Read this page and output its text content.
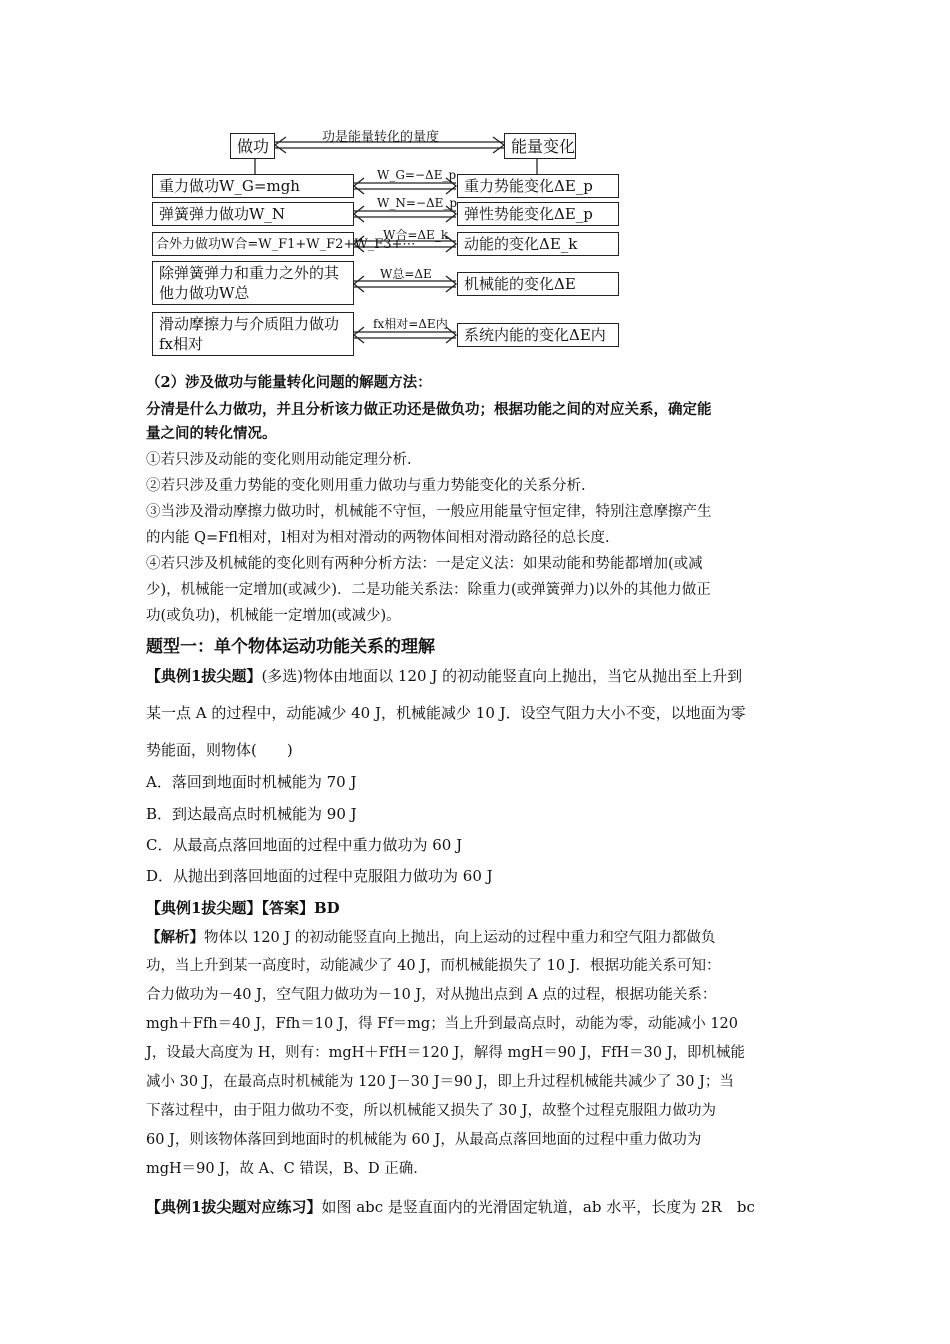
做功	能量变化
功是能量转化的量度
重力做功W_G=mgh
W_G=−ΔE_p
重力势能变化ΔE_p
弹簧弹力做功W_N
W_N=−ΔE_p
弹性势能变化ΔE_p
合外力做功W合=W_F1+W_F2+W_F3+⋯
W合=ΔE_k	动能的变化ΔE_k
除弹簧弹力和重力之外的其他力做功W总
W总=ΔE
机械能的变化ΔE
滑动摩擦力与介质阻力做功fx相对
fx相对=ΔE内
系统内能的变化ΔE内
（2）涉及做功与能量转化问题的解题方法：
分清是什么力做功，并且分析该力做正功还是做负功；根据功能之间的对应关系，确定能
量之间的转化情况。
①若只涉及动能的变化则用动能定理分析.
②若只涉及重力势能的变化则用重力做功与重力势能变化的关系分析.
③当涉及滑动摩擦力做功时，机械能不守恒，一般应用能量守恒定律，特别注意摩擦产生
的内能 Q=Ffl相对，l相对为相对滑动的两物体间相对滑动路径的总长度.
④若只涉及机械能的变化则有两种分析方法：一是定义法：如果动能和势能都增加(或减
少)，机械能一定增加(或减少)．二是功能关系法：除重力(或弹簧弹力)以外的其他力做正
功(或负功)，机械能一定增加(或减少)。
题型一：单个物体运动功能关系的理解
【典例1拔尖题】(多选)物体由地面以 120 J 的初动能竖直向上抛出，当它从抛出至上升到
某一点 A 的过程中，动能减少 40 J，机械能减少 10 J．设空气阻力大小不变，以地面为零
势能面，则物体(　　)
A．落回到地面时机械能为 70 J
B．到达最高点时机械能为 90 J
C．从最高点落回地面的过程中重力做功为 60 J
D．从抛出到落回地面的过程中克服阻力做功为 60 J
【典例1拔尖题】【答案】BD
【解析】物体以 120 J 的初动能竖直向上抛出，向上运动的过程中重力和空气阻力都做负
功，当上升到某一高度时，动能减少了 40 J，而机械能损失了 10 J．根据功能关系可知：
合力做功为－40 J，空气阻力做功为－10 J，对从抛出点到 A 点的过程，根据功能关系：
mgh＋Ffh＝40 J，Ffh＝10 J，得 Ff＝mg；当上升到最高点时，动能为零，动能减小 120
J，设最大高度为 H，则有：mgH＋FfH＝120 J，解得 mgH＝90 J，FfH＝30 J，即机械能
减小 30 J，在最高点时机械能为 120 J－30 J＝90 J，即上升过程机械能共减少了 30 J；当
下落过程中，由于阻力做功不变，所以机械能又损失了 30 J，故整个过程克服阻力做功为
60 J，则该物体落回到地面时的机械能为 60 J，从最高点落回地面的过程中重力做功为
mgH＝90 J，故 A、C 错误，B、D 正确．
【典例1拔尖题对应练习】如图 abc 是竖直面内的光滑固定轨道，ab 水平，长度为 2R　bc
